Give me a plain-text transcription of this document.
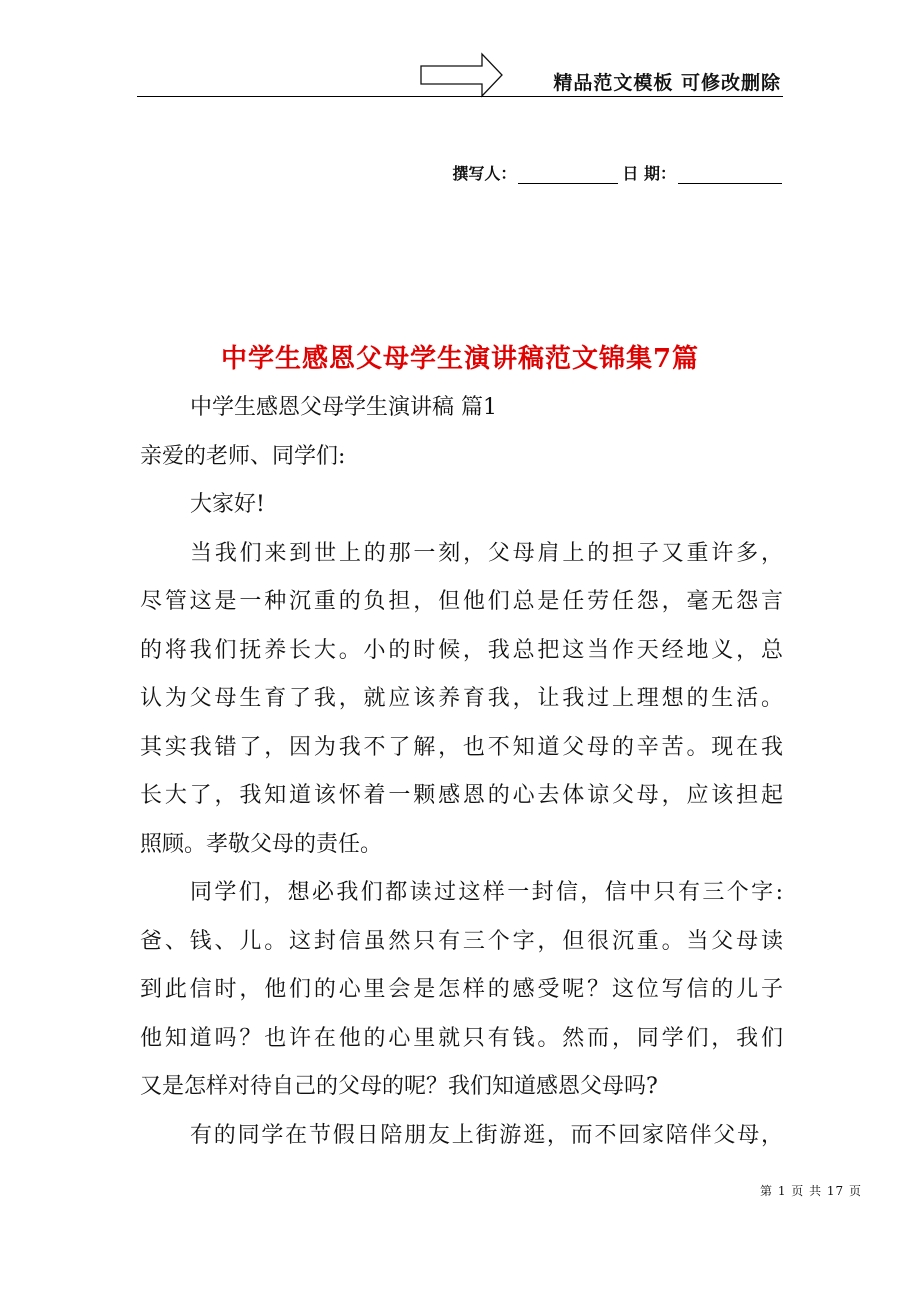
精品范文模板 可修改删除
撰写人：	日 期：
中学生感恩父母学生演讲稿范文锦集7篇
中学生感恩父母学生演讲稿 篇1
亲爱的老师、同学们:
大家好!
当我们来到世上的那一刻，父母肩上的担子又重许多，
尽管这是一种沉重的负担，但他们总是任劳任怨，毫无怨言
的将我们抚养长大。小的时候，我总把这当作天经地义，总
认为父母生育了我，就应该养育我，让我过上理想的生活。
其实我错了，因为我不了解，也不知道父母的辛苦。现在我
长大了，我知道该怀着一颗感恩的心去体谅父母，应该担起
照顾。孝敬父母的责任。
同学们，想必我们都读过这样一封信，信中只有三个字:
爸、钱、儿。这封信虽然只有三个字，但很沉重。当父母读
到此信时，他们的心里会是怎样的感受呢？这位写信的儿子
他知道吗？也许在他的心里就只有钱。然而，同学们，我们
又是怎样对待自己的父母的呢？我们知道感恩父母吗?
有的同学在节假日陪朋友上街游逛，而不回家陪伴父母，
第 1 页 共 17 页
